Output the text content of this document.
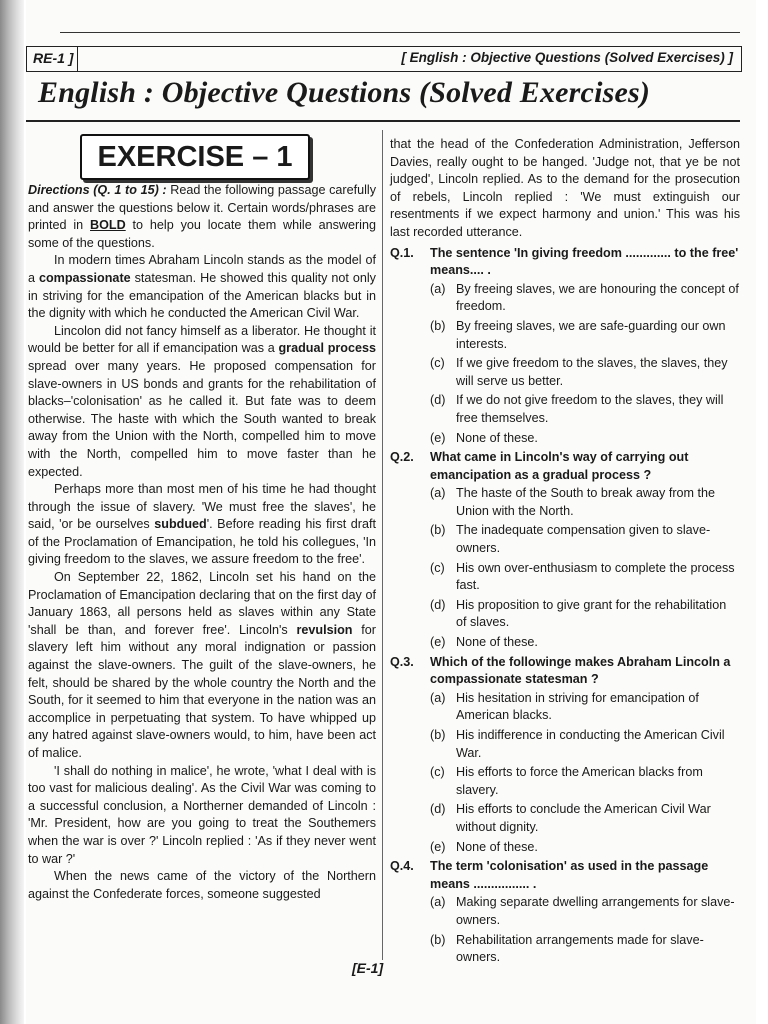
RE-1 ]	[ English : Objective Questions (Solved Exercises) ]
English : Objective Questions (Solved Exercises)
EXERCISE – 1

Directions (Q. 1 to 15) : Read the following passage carefully and answer the questions below it. Certain words/phrases are printed in BOLD to help you locate them while answering some of the questions.

In modern times Abraham Lincoln stands as the model of a compassionate statesman. He showed this quality not only in striving for the emancipation of the American blacks but in the dignity with which he conducted the American Civil War.

Lincolon did not fancy himself as a liberator. He thought it would be better for all if emancipation was a gradual process spread over many years. He proposed compensation for slave-owners in US bonds and grants for the rehabilitation of blacks–'colonisation' as he called it. But fate was to deem otherwise. The haste with which the South wanted to break away from the Union with the North, compelled him to move with the North, compelled him to move faster than he expected.

Perhaps more than most men of his time he had thought through the issue of slavery. 'We must free the slaves', he said, 'or be ourselves subdued'. Before reading his first draft of the Proclamation of Emancipation, he told his collegues, 'In giving freedom to the slaves, we assure freedom to the free'.

On September 22, 1862, Lincoln set his hand on the Proclamation of Emancipation declaring that on the first day of January 1863, all persons held as slaves within any State 'shall be than, and forever free'. Lincoln's revulsion for slavery left him without any moral indignation or passion against the slave-owners. The guilt of the slave-owners, he felt, should be shared by the whole country the North and the South, for it seemed to him that everyone in the nation was an accomplice in perpetuating that system. To have whipped up any hatred against slave-owners would, to him, have been act of malice.

'I shall do nothing in malice', he wrote, 'what I deal with is too vast for malicious dealing'. As the Civil War was coming to a successful conclusion, a Northerner demanded of Lincoln : 'Mr. President, how are you going to treat the Southemers when the war is over ?' Lincoln replied : 'As if they never went to war ?'

When the news came of the victory of the Northern against the Confederate forces, someone suggested

that the head of the Confederation Administration, Jefferson Davies, really ought to be hanged. 'Judge not, that ye be not judged', Lincoln replied. As to the demand for the prosecution of rebels, Lincoln replied : 'We must extinguish our resentments if we expect harmony and union.' This was his last recorded utterance.

Q.1.	The sentence 'In giving freedom ............. to the free' means.... .
(a) By freeing slaves, we are honouring the concept of freedom.
(b) By freeing slaves, we are safe-guarding our own interests.
(c) If we give freedom to the slaves, the slaves, they will serve us better.
(d) If we do not give freedom to the slaves, they will free themselves.
(e) None of these.
Q.2.	What came in Lincoln's way of carrying out emancipation as a gradual process ?
(a) The haste of the South to break away from the Union with the North.
(b) The inadequate compensation given to slave-owners.
(c) His own over-enthusiasm to complete the process fast.
(d) His proposition to give grant for the rehabilitation of slaves.
(e) None of these.
Q.3.	Which of the followinge makes Abraham Lincoln a compassionate statesman ?
(a) His hesitation in striving for emancipation of American blacks.
(b) His indifference in conducting the American Civil War.
(c) His efforts to force the American blacks from slavery.
(d) His efforts to conclude the American Civil War without dignity.
(e) None of these.
Q.4.	The term 'colonisation' as used in the passage means ................ .
(a) Making separate dwelling arrangements for slave-owners.
(b) Rehabilitation arrangements made for slave-owners.
[E-1]
